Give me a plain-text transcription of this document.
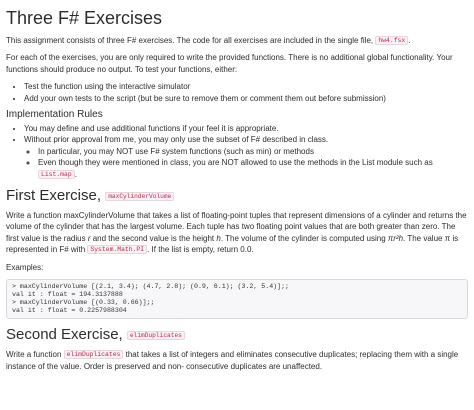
Three F# Exercises

This assignment consists of three F# exercises. The code for all exercises are included in the single file, hw4.fsx .

For each of the exercises, you are only required to write the provided functions. There is no additional global functionality. Your functions should produce no output. To test your functions, either:

• Test the function using the interactive simulator
• Add your own tests to the script (but be sure to remove them or comment them out before submission)
Implementation Rules
• You may define and use additional functions if your feel it is appropriate.
• Without prior approval from me, you may only use the subset of F# described in class.
◦ In particular, you may NOT use F# system functions (such as min) or methods
◦ Even though they were mentioned in class, you are NOT allowed to use the methods in the List module such as List.map .
First Exercise, maxCylinderVolume

Write a function maxCylinderVolume that takes a list of floating-point tuples that represent dimensions of a cylinder and returns the volume of the cylinder that has the largest volume. Each tuple has two floating point values that are both greater than zero. The first value is the radius r and the second value is the height h. The volume of the cylinder is computed using πr²h. The value π is represented in F# with System.Math.PI . If the list is empty, return 0.0.

Examples:

> maxCylinderVolume [(2.1, 3.4); (4.7, 2.8); (0.9, 6.1); (3.2, 5.4)];;
val it : float = 194.3137888
> maxCylinderVolume [(0.33, 0.66)];;
val it : float = 0.2257988304
Second Exercise, elimDuplicates

Write a function elimDuplicates that takes a list of integers and eliminates consecutive duplicates; replacing them with a single instance of the value. Order is preserved and non- consecutive duplicates are unaffected.
